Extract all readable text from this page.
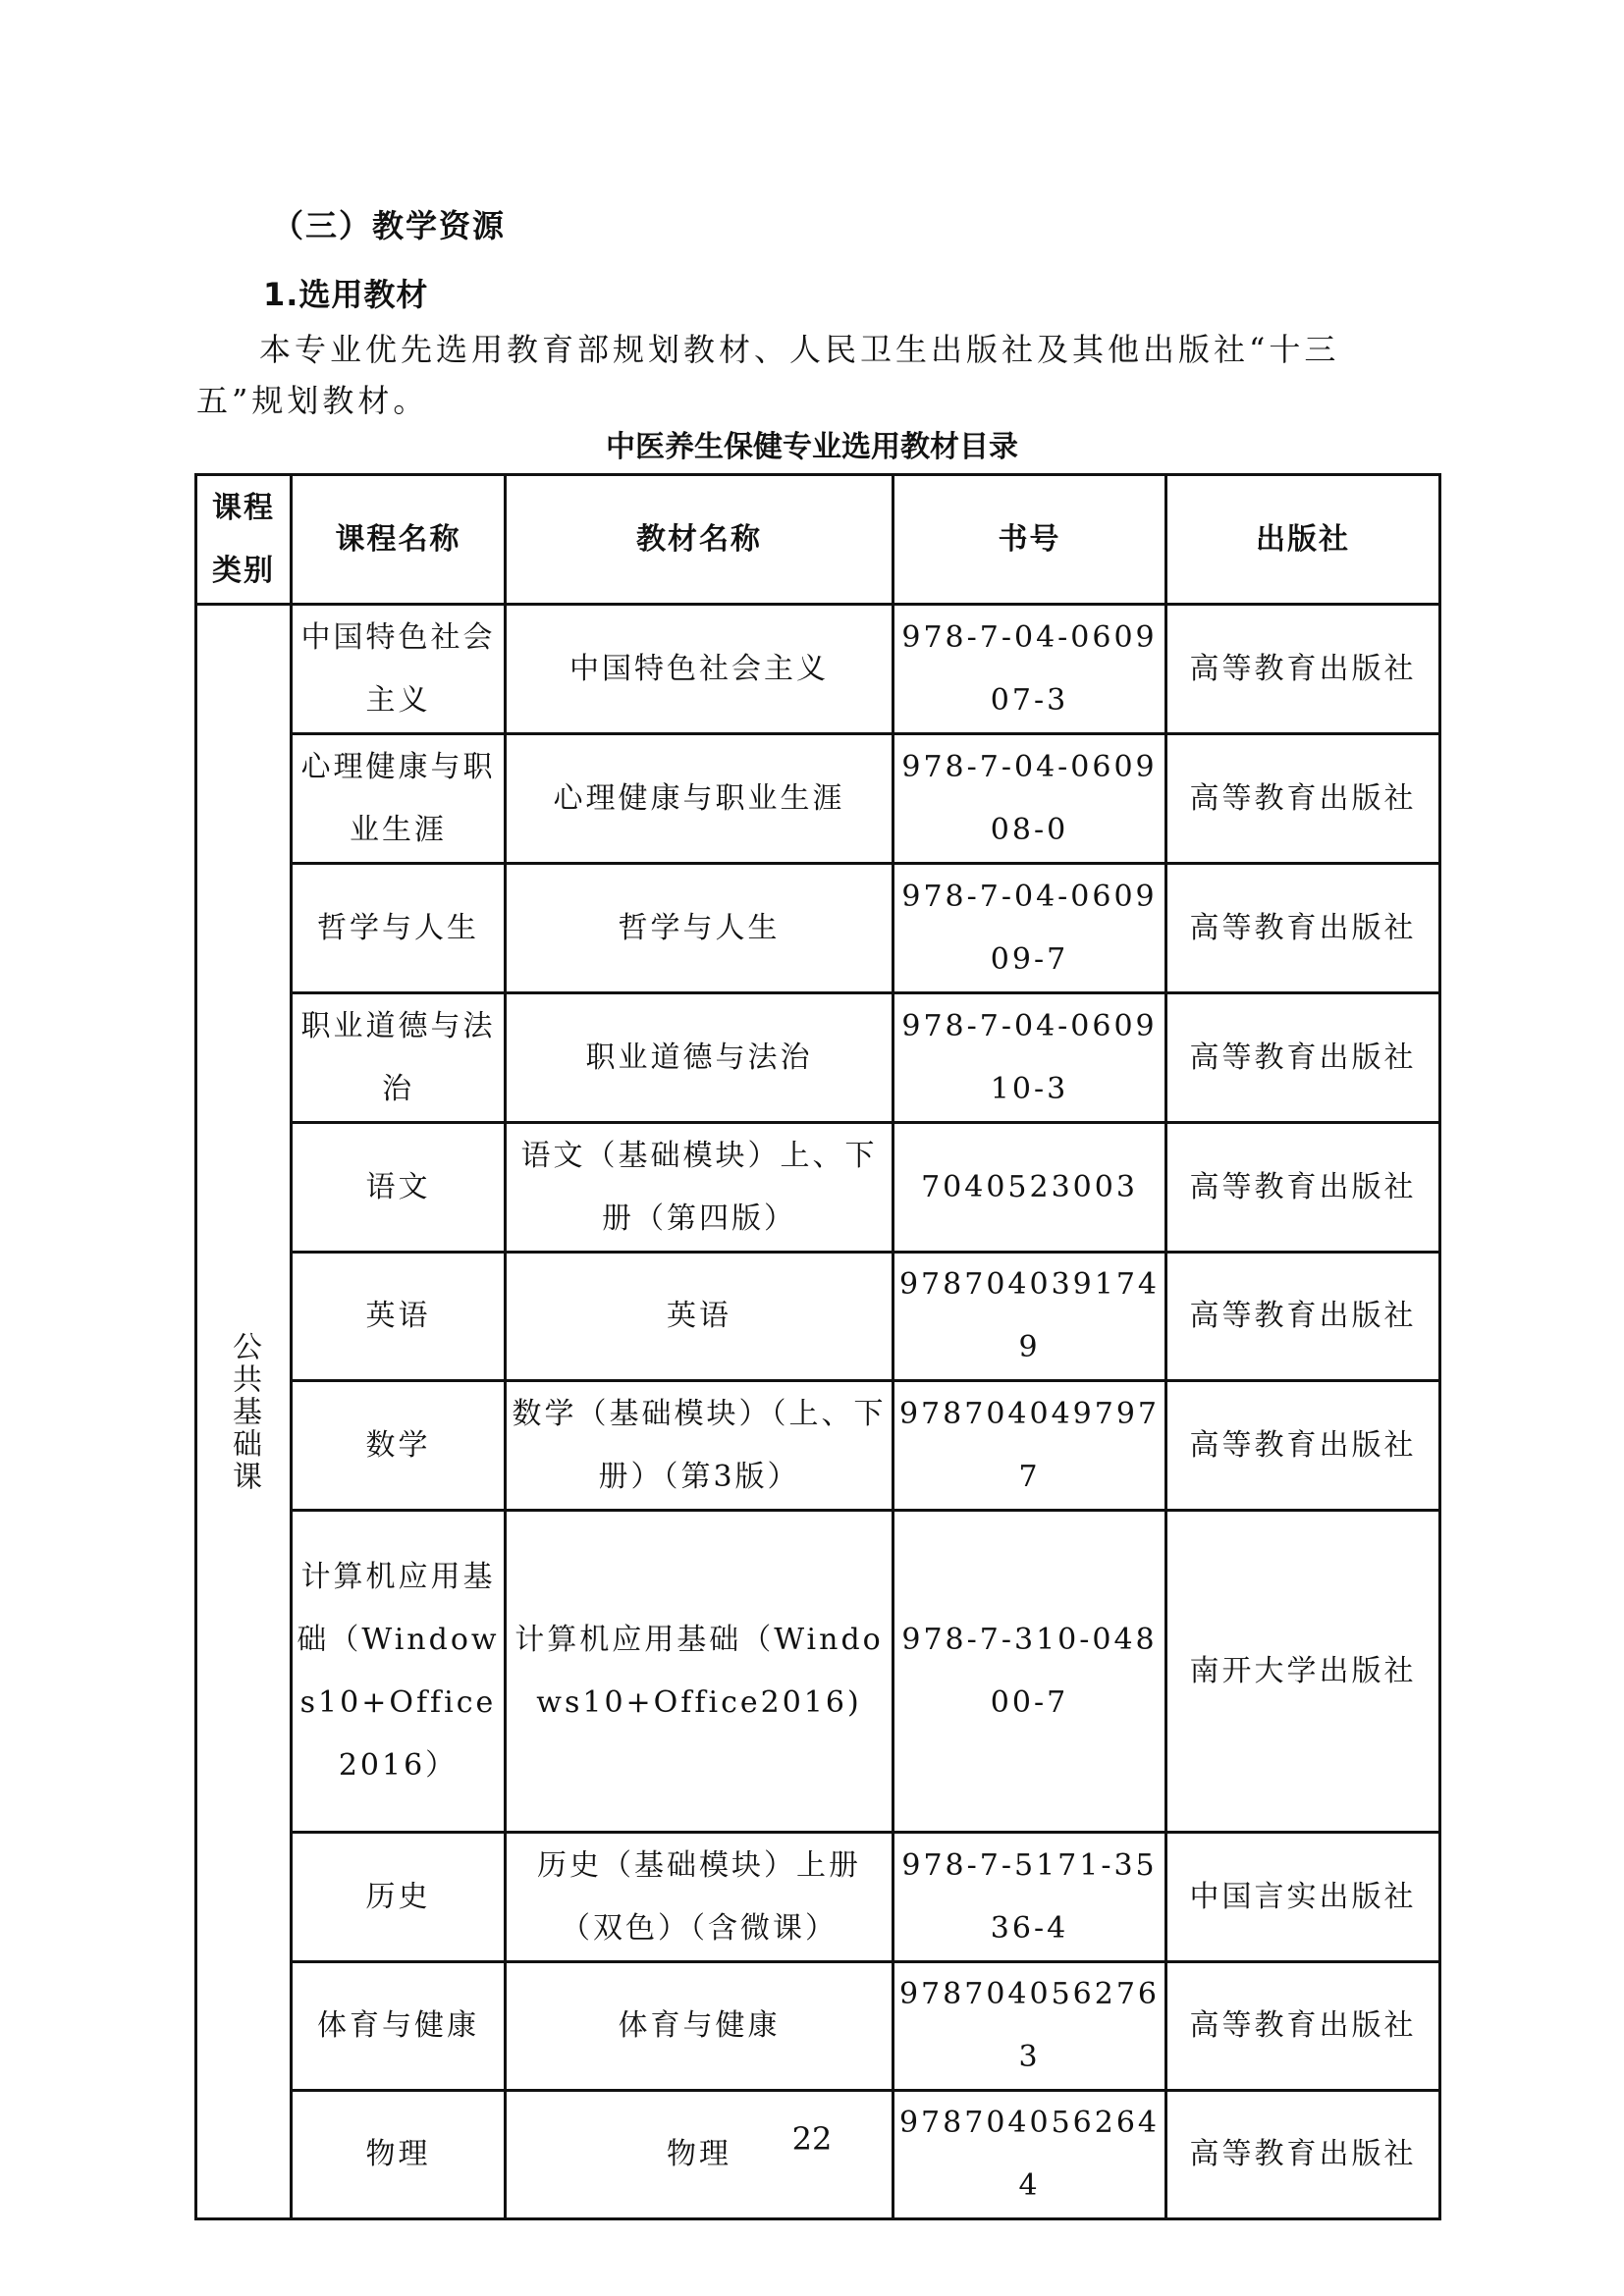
（三）教学资源
1.选用教材
本专业优先选用教育部规划教材、人民卫生出版社及其他出版社“十三五”规划教材。
中医养生保健专业选用教材目录
课程类别	课程名称	教材名称	书号	出版社
公共基础课	中国特色社会主义	中国特色社会主义	978-7-04-060907-3	高等教育出版社
	心理健康与职业生涯	心理健康与职业生涯	978-7-04-060908-0	高等教育出版社
	哲学与人生	哲学与人生	978-7-04-060909-7	高等教育出版社
	职业道德与法治	职业道德与法治	978-7-04-060910-3	高等教育出版社
	语文	语文（基础模块）上、下册（第四版）	7040523003	高等教育出版社
	英语	英语	9787040391749	高等教育出版社
	数学	数学（基础模块）（上、下册）（第3版）	9787040497977	高等教育出版社
	计算机应用基础（Windows10+Office2016）	计算机应用基础（Windows10+Office2016)	978-7-310-04800-7	南开大学出版社
	历史	历史（基础模块）上册（双色）（含微课）	978-7-5171-3536-4	中国言实出版社
	体育与健康	体育与健康	9787040562763	高等教育出版社
	物理	物理	9787040562644	高等教育出版社
22
